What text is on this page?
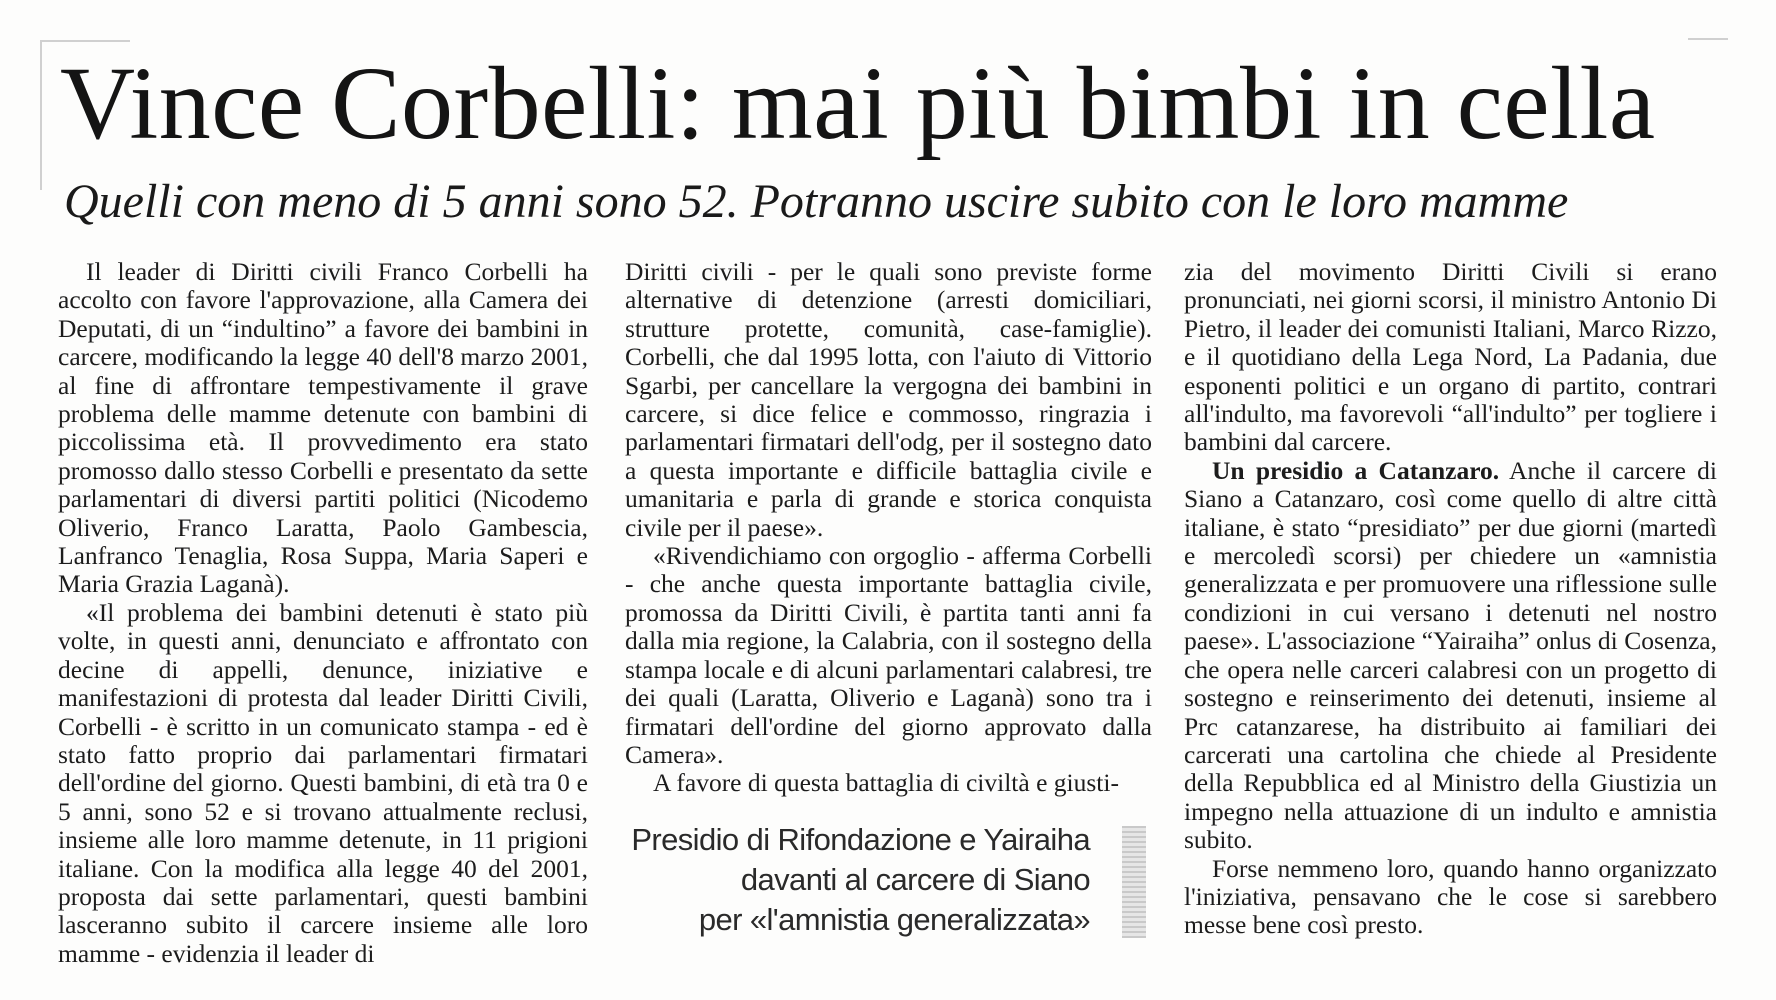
Vince Corbelli: mai più bimbi in cella
Quelli con meno di 5 anni sono 52. Potranno uscire subito con le loro mamme

Il leader di Diritti civili Franco Corbelli ha accolto con favore l'approvazione, alla Camera dei Deputati, di un “indultino” a favore dei bambini in carcere, modificando la legge 40 dell'8 marzo 2001, al fine di affrontare tempestivamente il grave problema delle mamme detenute con bambini di piccolissima età. Il provvedimento era stato promosso dallo stesso Corbelli e presentato da sette parlamentari di diversi partiti politici (Nicodemo Oliverio, Franco Laratta, Paolo Gambescia, Lanfranco Tenaglia, Rosa Suppa, Maria Saperi e Maria Grazia Laganà).

«Il problema dei bambini detenuti è stato più volte, in questi anni, denunciato e affrontato con decine di appelli, denunce, iniziative e manifestazioni di protesta dal leader Diritti Civili, Corbelli - è scritto in un comunicato stampa - ed è stato fatto proprio dai parlamentari firmatari dell'ordine del giorno. Questi bambini, di età tra 0 e 5 anni, sono 52 e si trovano attualmente reclusi, insieme alle loro mamme detenute, in 11 prigioni italiane. Con la modifica alla legge 40 del 2001, proposta dai sette parlamentari, questi bambini lasceranno subito il carcere insieme alle loro mamme - evidenzia il leader di

Diritti civili - per le quali sono previste forme alternative di detenzione (arresti domiciliari, strutture protette, comunità, case-famiglie). Corbelli, che dal 1995 lotta, con l'aiuto di Vittorio Sgarbi, per cancellare la vergogna dei bambini in carcere, si dice felice e commosso, ringrazia i parlamentari firmatari dell'odg, per il sostegno dato a questa importante e difficile battaglia civile e umanitaria e parla di grande e storica conquista civile per il paese».

«Rivendichiamo con orgoglio - afferma Corbelli - che anche questa importante battaglia civile, promossa da Diritti Civili, è partita tanti anni fa dalla mia regione, la Calabria, con il sostegno della stampa locale e di alcuni parlamentari calabresi, tre dei quali (Laratta, Oliverio e Laganà) sono tra i firmatari dell'ordine del giorno approvato dalla Camera».

A favore di questa battaglia di civiltà e giusti-

zia del movimento Diritti Civili si erano pronunciati, nei giorni scorsi, il ministro Antonio Di Pietro, il leader dei comunisti Italiani, Marco Rizzo, e il quotidiano della Lega Nord, La Padania, due esponenti politici e un organo di partito, contrari all'indulto, ma favorevoli “all'indulto” per togliere i bambini dal carcere.

Un presidio a Catanzaro. Anche il carcere di Siano a Catanzaro, così come quello di altre città italiane, è stato “presidiato” per due giorni (martedì e mercoledì scorsi) per chiedere un «amnistia generalizzata e per promuovere una riflessione sulle condizioni in cui versano i detenuti nel nostro paese». L'associazione “Yairaiha” onlus di Cosenza, che opera nelle carceri calabresi con un progetto di sostegno e reinserimento dei detenuti, insieme al Prc catanzarese, ha distribuito ai familiari dei carcerati una cartolina che chiede al Presidente della Repubblica ed al Ministro della Giustizia un impegno nella attuazione di un indulto e amnistia subito.

Forse nemmeno loro, quando hanno organizzato l'iniziativa, pensavano che le cose si sarebbero messe bene così presto.

Presidio di Rifondazione e Yairaiha
davanti al carcere di Siano
per «l'amnistia generalizzata»
